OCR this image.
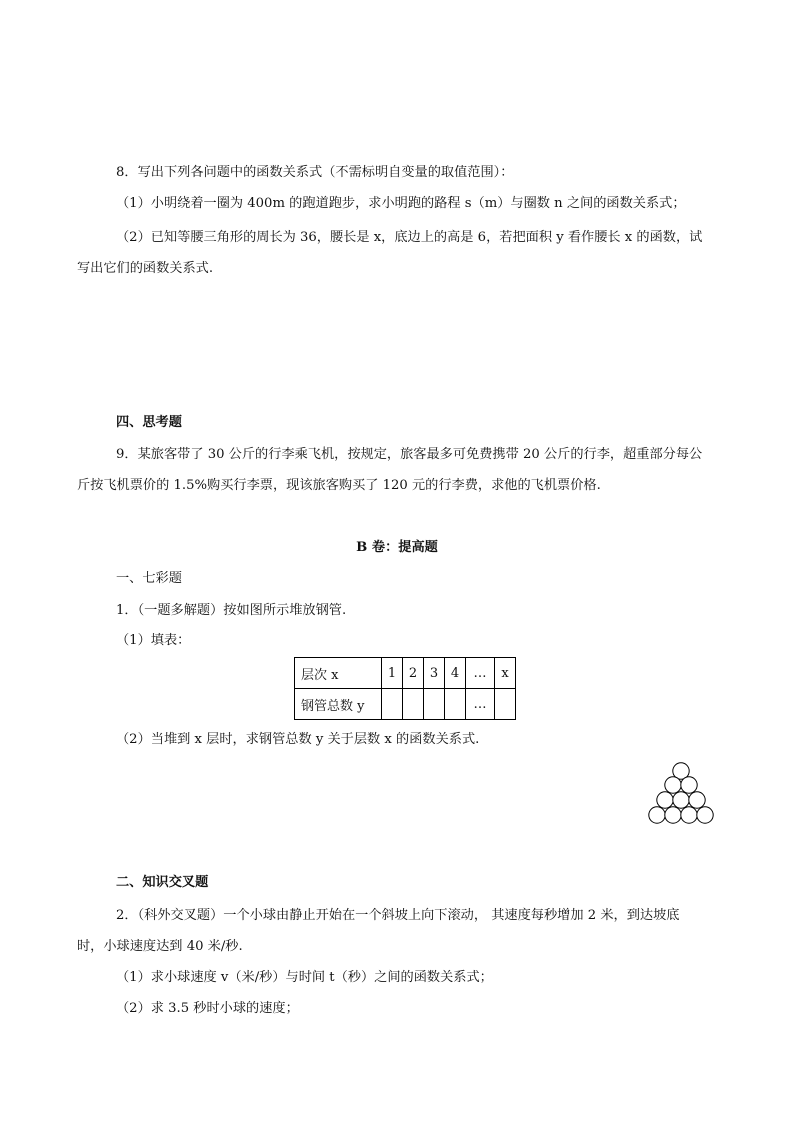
8．写出下列各问题中的函数关系式（不需标明自变量的取值范围）：
（1）小明绕着一圈为 400m 的跑道跑步，求小明跑的路程 s（m）与圈数 n 之间的函数关系式；
（2）已知等腰三角形的周长为 36，腰长是 x，底边上的高是 6，若把面积 y 看作腰长 x 的函数，试
写出它们的函数关系式.
四、思考题
9．某旅客带了 30 公斤的行李乘飞机，按规定，旅客最多可免费携带 20 公斤的行李，超重部分每公
斤按飞机票价的 1.5%购买行李票，现该旅客购买了 120 元的行李费，求他的飞机票价格.
B 卷：提高题
一、七彩题
1．（一题多解题）按如图所示堆放钢管.
（1）填表：
层次 x	1	2	3	4	…	x
钢管总数 y					…	
（2）当堆到 x 层时，求钢管总数 y 关于层数 x 的函数关系式.
二、知识交叉题
2．（科外交叉题）一个小球由静止开始在一个斜坡上向下滚动， 其速度每秒增加 2 米，到达坡底
时，小球速度达到 40 米/秒.
（1）求小球速度 v（米/秒）与时间 t（秒）之间的函数关系式；
（2）求 3.5 秒时小球的速度；
